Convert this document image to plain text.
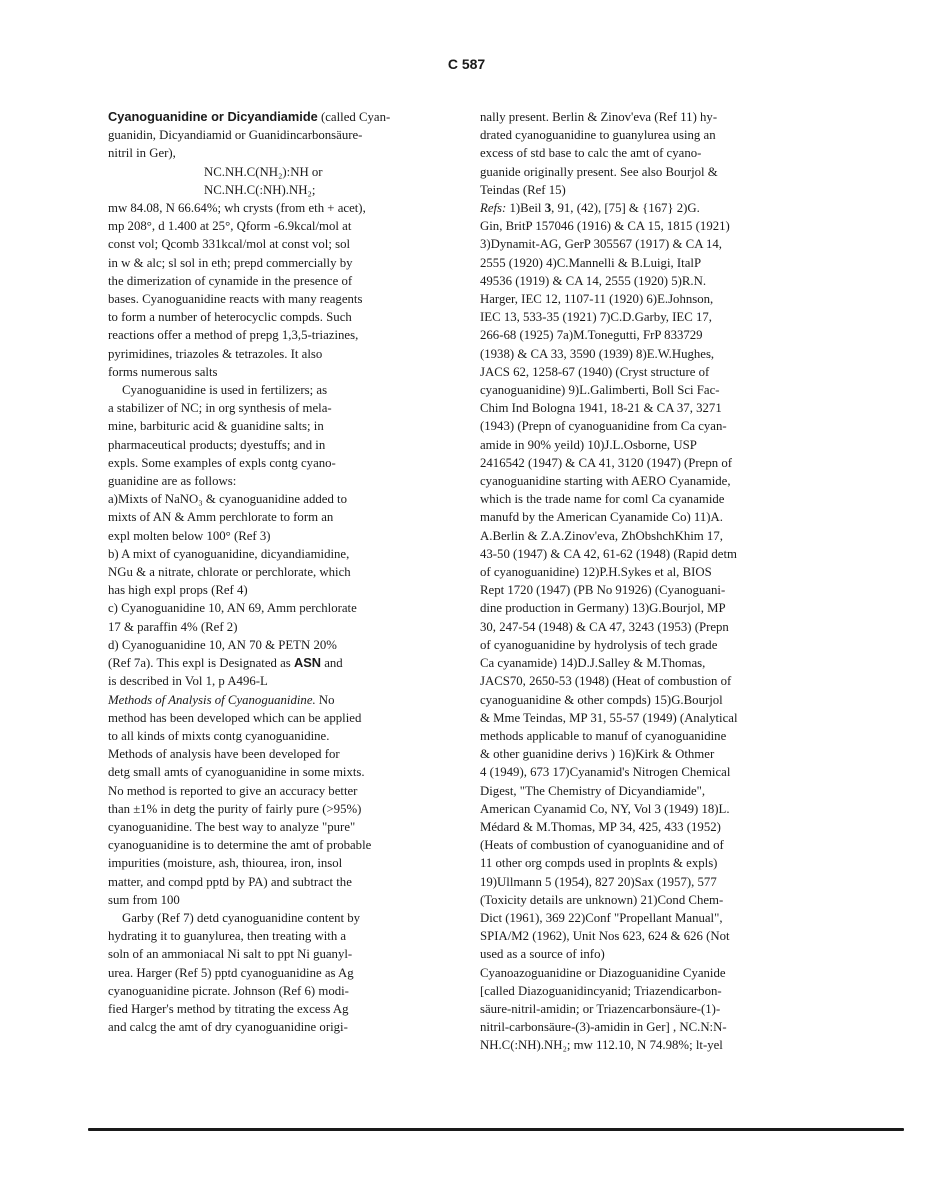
C 587
Cyanoguanidine or Dicyandiamide (called Cyan-
guanidin, Dicyandiamid or Guanidincarbonsäure-
nitril in Ger),
NC.NH.C(NH₂):NH or
NC.NH.C(:NH).NH₂;
mw 84.08, N 66.64%; wh crysts (from eth + acet),
mp 208°, d 1.400 at 25°, Qform -6.9kcal/mol at
const vol; Qcomb 331kcal/mol at const vol; sol
in w & alc; sl sol in eth; prepd commercially by
the dimerization of cynamide in the presence of
bases. Cyanoguanidine reacts with many reagents
to form a number of heterocyclic compds. Such
reactions offer a method of prepg 1,3,5-triazines,
pyrimidines, triazoles & tetrazoles. It also
forms numerous salts
Cyanoguanidine is used in fertilizers; as
a stabilizer of NC; in org synthesis of mela-
mine, barbituric acid & guanidine salts; in
pharmaceutical products; dyestuffs; and in
expls. Some examples of expls contg cyano-
guanidine are as follows:
a)Mixts of NaNO₃ & cyanoguanidine added to
mixts of AN & Amm perchlorate to form an
expl molten below 100° (Ref 3)
b) A mixt of cyanoguanidine, dicyandiamidine,
NGu & a nitrate, chlorate or perchlorate, which
has high expl props (Ref 4)
c) Cyanoguanidine 10, AN 69, Amm perchlorate
17 & paraffin 4% (Ref 2)
d) Cyanoguanidine 10, AN 70 & PETN 20%
(Ref 7a). This expl is Designated as ASN and
is described in Vol 1, p A496-L
Methods of Analysis of Cyanoguanidine. No
method has been developed which can be applied
to all kinds of mixts contg cyanoguanidine.
Methods of analysis have been developed for
detg small amts of cyanoguanidine in some mixts.
No method is reported to give an accuracy better
than ±1% in detg the purity of fairly pure (>95%)
cyanoguanidine. The best way to analyze "pure"
cyanoguanidine is to determine the amt of probable
impurities (moisture, ash, thiourea, iron, insol
matter, and compd pptd by PA) and subtract the
sum from 100
Garby (Ref 7) detd cyanoguanidine content by
hydrating it to guanylurea, then treating with a
soln of an ammoniacal Ni salt to ppt Ni guanyl-
urea. Harger (Ref 5) pptd cyanoguanidine as Ag
cyanoguanidine picrate. Johnson (Ref 6) modi-
fied Harger's method by titrating the excess Ag
and calcg the amt of dry cyanoguanidine origi-
nally present. Berlin & Zinov'eva (Ref 11) hy-
drated cyanoguanidine to guanylurea using an
excess of std base to calc the amt of cyano-
guanide originally present. See also Bourjol &
Teindas (Ref 15)
Refs: 1)Beil 3, 91, (42), [75] & {167} 2)G.
Gin, BritP 157046 (1916) & CA 15, 1815 (1921)
3)Dynamit-AG, GerP 305567 (1917) & CA 14,
2555 (1920) 4)C.Mannelli & B.Luigi, ItalP
49536 (1919) & CA 14, 2555 (1920) 5)R.N.
Harger, IEC 12, 1107-11 (1920) 6)E.Johnson,
IEC 13, 533-35 (1921) 7)C.D.Garby, IEC 17,
266-68 (1925) 7a)M.Tonegutti, FrP 833729
(1938) & CA 33, 3590 (1939) 8)E.W.Hughes,
JACS 62, 1258-67 (1940) (Cryst structure of
cyanoguanidine) 9)L.Galimberti, Boll Sci Fac-
Chim Ind Bologna 1941, 18-21 & CA 37, 3271
(1943) (Prepn of cyanoguanidine from Ca cyan-
amide in 90% yeild) 10)J.L.Osborne, USP
2416542 (1947) & CA 41, 3120 (1947) (Prepn of
cyanoguanidine starting with AERO Cyanamide,
which is the trade name for coml Ca cyanamide
manufd by the American Cyanamide Co) 11)A.
A.Berlin & Z.A.Zinov'eva, ZhObshchKhim 17,
43-50 (1947) & CA 42, 61-62 (1948) (Rapid detm
of cyanoguanidine) 12)P.H.Sykes et al, BIOS
Rept 1720 (1947) (PB No 91926) (Cyanoguani-
dine production in Germany) 13)G.Bourjol, MP
30, 247-54 (1948) & CA 47, 3243 (1953) (Prepn
of cyanoguanidine by hydrolysis of tech grade
Ca cyanamide) 14)D.J.Salley & M.Thomas,
JACS70, 2650-53 (1948) (Heat of combustion of
cyanoguanidine & other compds) 15)G.Bourjol
& Mme Teindas, MP 31, 55-57 (1949) (Analytical
methods applicable to manuf of cyanoguanidine
& other guanidine derivs ) 16)Kirk & Othmer
4 (1949), 673 17)Cyanamid's Nitrogen Chemical
Digest, "The Chemistry of Dicyandiamide",
American Cyanamid Co, NY, Vol 3 (1949) 18)L.
Médard & M.Thomas, MP 34, 425, 433 (1952)
(Heats of combustion of cyanoguanidine and of
11 other org compds used in proplnts & expls)
19)Ullmann 5 (1954), 827 20)Sax (1957), 577
(Toxicity details are unknown) 21)Cond Chem-
Dict (1961), 369 22)Conf "Propellant Manual",
SPIA/M2 (1962), Unit Nos 623, 624 & 626 (Not
used as a source of info)
Cyanoazoguanidine or Diazoguanidine Cyanide
[called Diazoguanidincyanid; Triazendicarbon-
säure-nitril-amidin; or Triazencarbonsäure-(1)-
nitril-carbonsäure-(3)-amidin in Ger] , NC.N:N-
NH.C(:NH).NH₂; mw 112.10, N 74.98%; lt-yel
